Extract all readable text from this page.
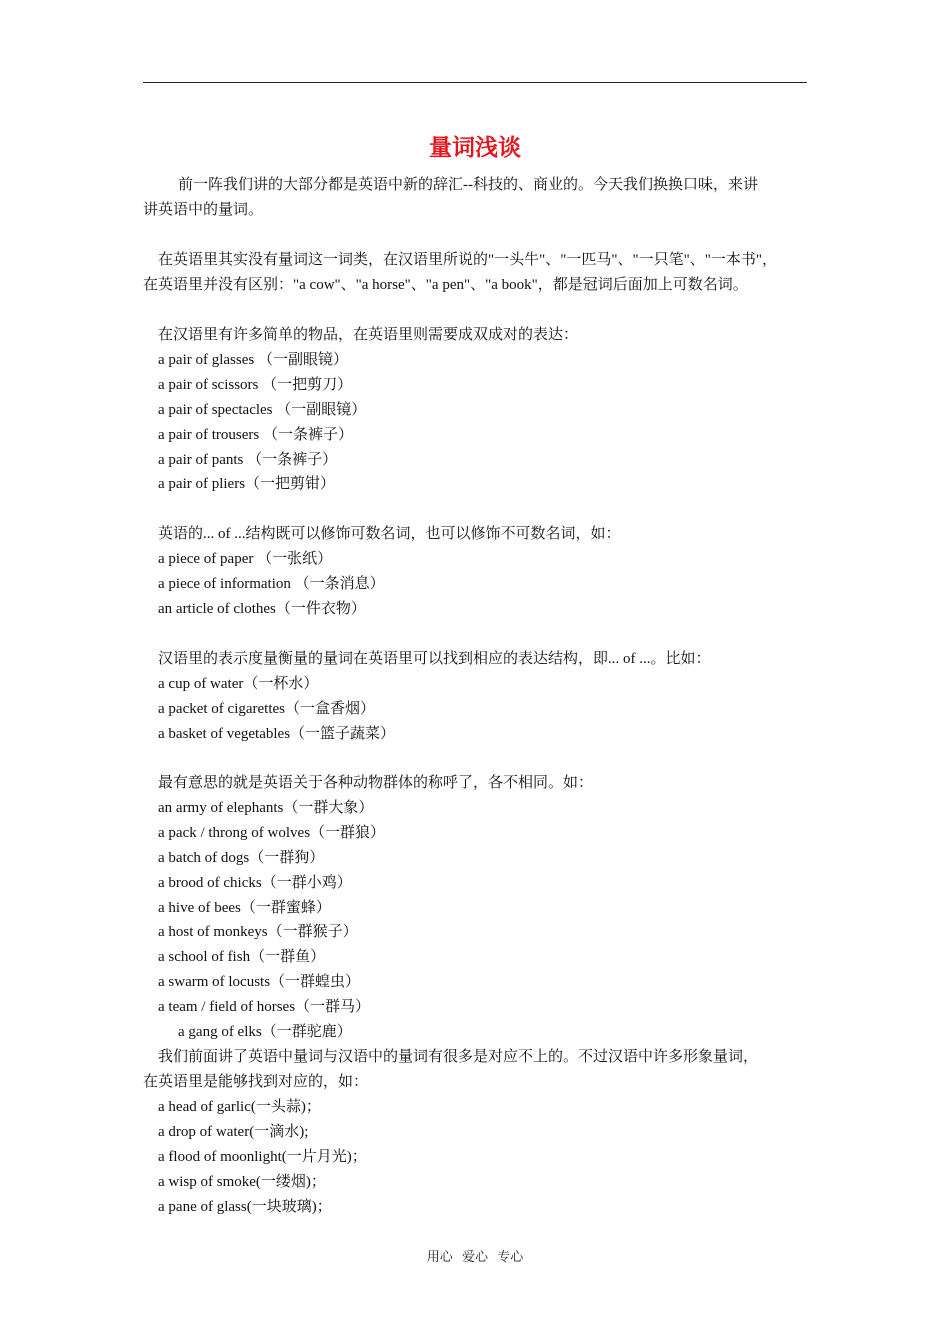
量词浅谈
前一阵我们讲的大部分都是英语中新的辞汇--科技的、商业的。今天我们换换口味，来讲
讲英语中的量词。
在英语里其实没有量词这一词类，在汉语里所说的"一头牛"、"一匹马"、"一只笔"、"一本书"，
在英语里并没有区别："a cow"、"a horse"、"a pen"、"a book"，都是冠词后面加上可数名词。
在汉语里有许多简单的物品，在英语里则需要成双成对的表达：
a pair of glasses （一副眼镜）
a pair of scissors （一把剪刀）
a pair of spectacles （一副眼镜）
a pair of trousers （一条裤子）
a pair of pants （一条裤子）
a pair of pliers（一把剪钳）
英语的... of ...结构既可以修饰可数名词，也可以修饰不可数名词，如：
a piece of paper （一张纸）
a piece of information （一条消息）
an article of clothes（一件衣物）
汉语里的表示度量衡量的量词在英语里可以找到相应的表达结构，即... of ...。比如：
a cup of water（一杯水）
a packet of cigarettes（一盒香烟）
a basket of vegetables（一篮子蔬菜）
最有意思的就是英语关于各种动物群体的称呼了，各不相同。如：
an army of elephants（一群大象）
a pack / throng of wolves（一群狼）
a batch of dogs（一群狗）
a brood of chicks（一群小鸡）
a hive of bees（一群蜜蜂）
a host of monkeys（一群猴子）
a school of fish（一群鱼）
a swarm of locusts（一群蝗虫）
a team / field of horses（一群马）
a gang of elks（一群驼鹿）
我们前面讲了英语中量词与汉语中的量词有很多是对应不上的。不过汉语中许多形象量词，
在英语里是能够找到对应的，如：
a head of garlic(一头蒜)；
a drop of water(一滴水);
a flood of moonlight(一片月光)；
a wisp of smoke(一缕烟)；
a pane of glass(一块玻璃)；
用心 爱心 专心
